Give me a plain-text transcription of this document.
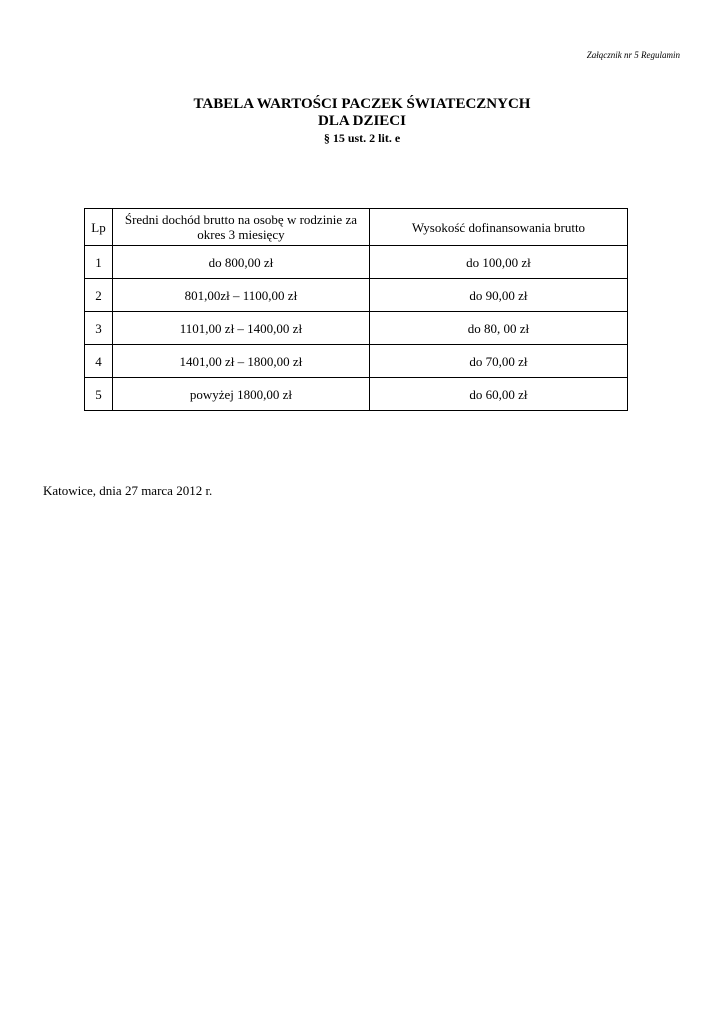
Załącznik nr 5 Regulamin
TABELA WARTOŚCI PACZEK ŚWIATECZNYCH
DLA DZIECI
§ 15 ust. 2 lit. e
Lp	Średni dochód brutto na osobę w rodzinie za okres 3 miesięcy	Wysokość dofinansowania brutto
1	do 800,00 zł	do 100,00 zł
2	801,00zł – 1100,00 zł	do 90,00 zł
3	1101,00 zł – 1400,00 zł	do 80, 00 zł
4	1401,00 zł – 1800,00 zł	do 70,00 zł
5	powyżej 1800,00 zł	do 60,00 zł
Katowice, dnia 27 marca 2012 r.
